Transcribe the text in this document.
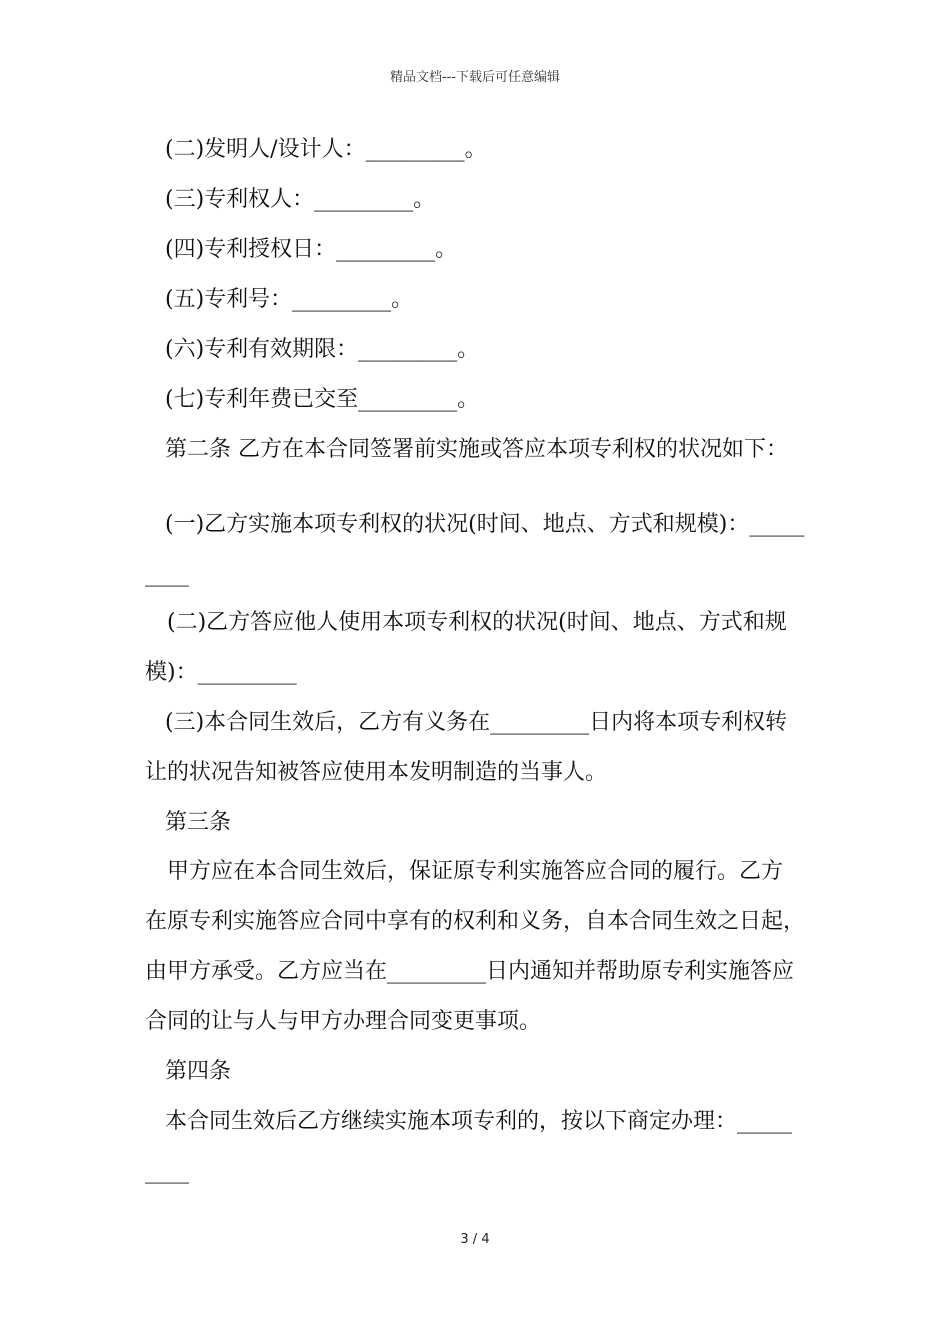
精品文档---下载后可任意编辑
(二)发明人/设计人：_________。
(三)专利权人：_________。
(四)专利授权日：_________。
(五)专利号：_________。
(六)专利有效期限：_________。
(七)专利年费已交至_________。
第二条 乙方在本合同签署前实施或答应本项专利权的状况如下：
(一)乙方实施本项专利权的状况(时间、地点、方式和规模)：_____
____
(二)乙方答应他人使用本项专利权的状况(时间、地点、方式和规
模)：_________
(三)本合同生效后，乙方有义务在_________日内将本项专利权转
让的状况告知被答应使用本发明制造的当事人。
第三条
甲方应在本合同生效后，保证原专利实施答应合同的履行。乙方
在原专利实施答应合同中享有的权利和义务，自本合同生效之日起，
由甲方承受。乙方应当在_________日内通知并帮助原专利实施答应
合同的让与人与甲方办理合同变更事项。
第四条
本合同生效后乙方继续实施本项专利的，按以下商定办理：_____
____
3 / 4
